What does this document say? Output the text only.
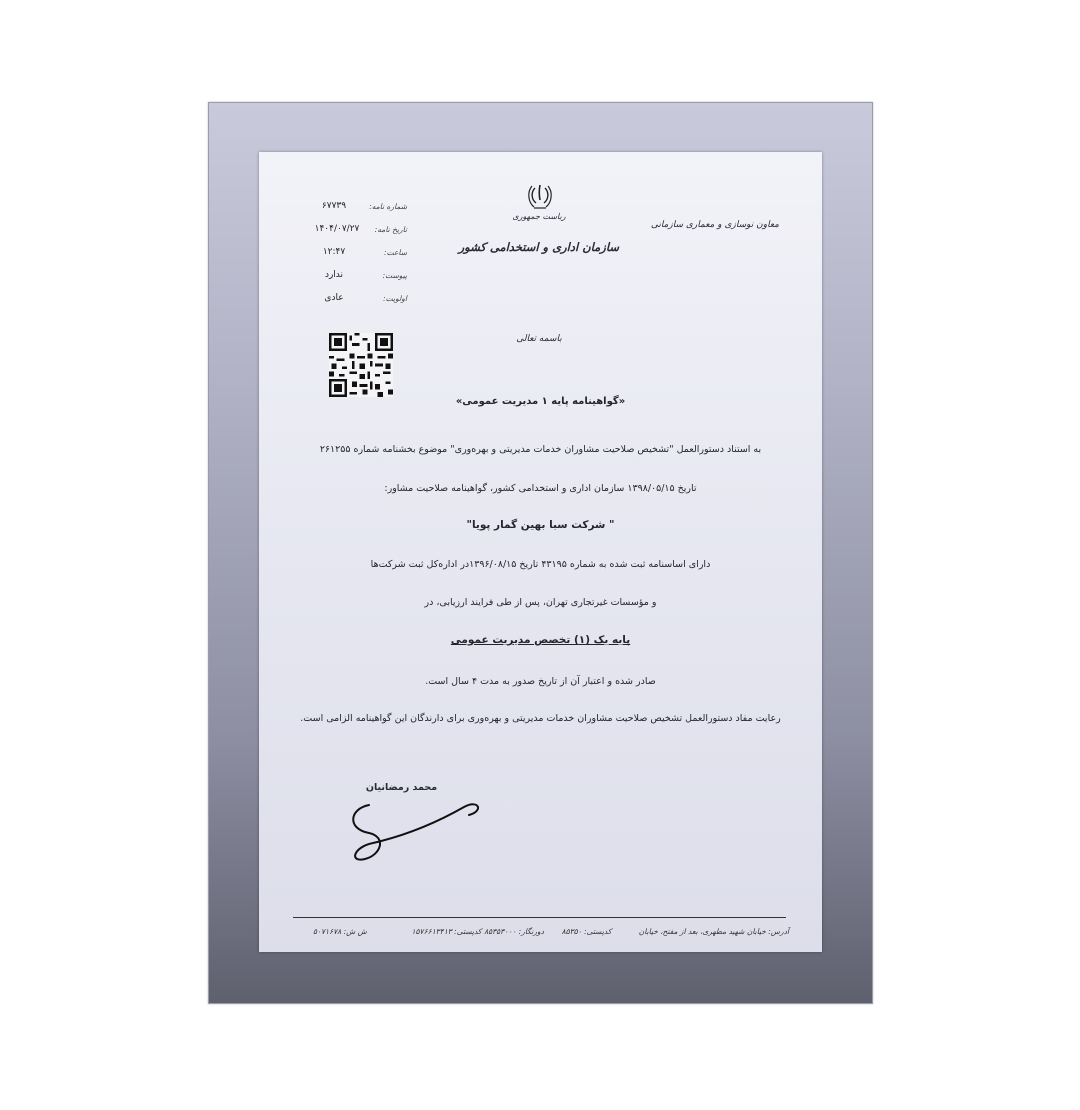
ریاست جمهوری
سازمان اداری و استخدامی کشور
معاون نوسازی و معماری سازمانی
شماره نامه:
۶۷۷۳۹
تاریخ نامه:
۱۴۰۴/۰۷/۲۷
ساعت:
۱۲:۴۷
پیوست:
ندارد
اولویت:
عادی
باسمه تعالی
«گواهینامه پایه ۱ مدیریت عمومی»
به استناد دستورالعمل "تشخیص صلاحیت مشاوران خدمات مدیریتی و بهره‌وری" موضوع بخشنامه شماره ۲۶۱۲۵۵
تاریخ ۱۳۹۸/۰۵/۱۵ سازمان اداری و استخدامی کشور، گواهینامه صلاحیت مشاور:
" شرکت سبا بهین گمار پویا"
دارای اساسنامه ثبت شده به شماره ۴۳۱۹۵ تاریخ ۱۳۹۶/۰۸/۱۵در اداره‌کل ثبت شرکت‌ها
و مؤسسات غیرتجاری تهران، پس از طی فرایند ارزیابی، در
پایه یک (۱) تخصص مدیریت عمومی
صادر شده و اعتبار آن از تاریخ صدور به مدت ۴ سال است.
رعایت مفاد دستورالعمل تشخیص صلاحیت مشاوران خدمات مدیریتی و بهره‌وری برای دارندگان این گواهینامه الزامی است.
محمد رمضانیان
آدرس: خیابان شهید مطهری، بعد از مفتح، خیابان
کدپستی: ۸۵۳۵۰
دورنگار: ۸۵۳۵۳۰۰۰
کدپستی: ۱۵۷۶۶۱۳۴۱۳
ش ش: ۵۰۷۱۶۷۸
